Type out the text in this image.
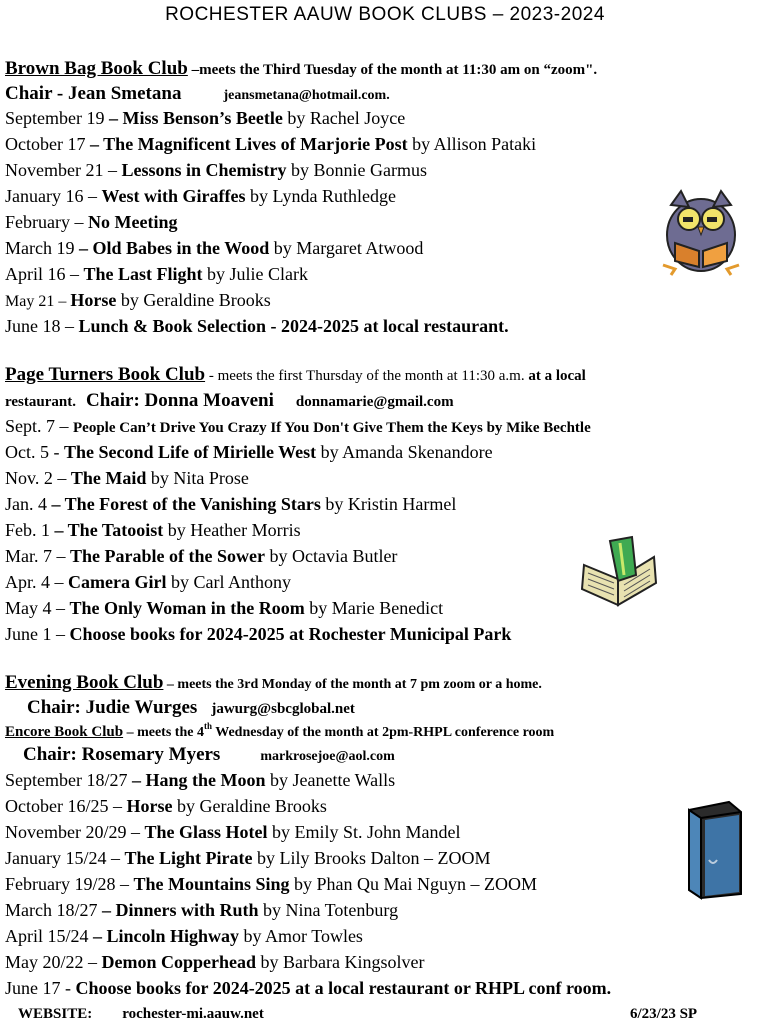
ROCHESTER AAUW BOOK CLUBS – 2023-2024
Brown Bag Book Club –meets the Third Tuesday of the month at 11:30 am on “zoom".
Chair - Jean Smetana	jeansmetana@hotmail.com.
September 19 – Miss Benson’s Beetle by Rachel Joyce
October 17 – The Magnificent Lives of Marjorie Post by Allison Pataki
November 21 – Lessons in Chemistry by Bonnie Garmus
January 16 – West with Giraffes by Lynda Ruthledge
February – No Meeting
March 19 – Old Babes in the Wood by Margaret Atwood
April 16 – The Last Flight by Julie Clark
May 21 – Horse by Geraldine Brooks
June 18 – Lunch & Book Selection - 2024-2025 at local restaurant.
Page Turners Book Club - meets the first Thursday of the month at 11:30 a.m. at a local
restaurant. Chair: Donna Moaveni donnamarie@gmail.com
Sept. 7 – People Can’t Drive You Crazy If You Don't Give Them the Keys by Mike Bechtle
Oct. 5 - The Second Life of Mirielle West by Amanda Skenandore
Nov. 2 – The Maid by Nita Prose
Jan. 4 – The Forest of the Vanishing Stars by Kristin Harmel
Feb. 1 – The Tatooist by Heather Morris
Mar. 7 – The Parable of the Sower by Octavia Butler
Apr. 4 – Camera Girl by Carl Anthony
May 4 – The Only Woman in the Room by Marie Benedict
June 1 – Choose books for 2024-2025 at Rochester Municipal Park
Evening Book Club – meets the 3rd Monday of the month at 7 pm zoom or a home.
Chair: Judie Wurges jawurg@sbcglobal.net
Encore Book Club – meets the 4th Wednesday of the month at 2pm-RHPL conference room
Chair: Rosemary Myers	markrosejoe@aol.com
September 18/27 – Hang the Moon by Jeanette Walls
October 16/25 – Horse by Geraldine Brooks
November 20/29 – The Glass Hotel by Emily St. John Mandel
January 15/24 – The Light Pirate by Lily Brooks Dalton – ZOOM
February 19/28 – The Mountains Sing by Phan Qu Mai Nguyn – ZOOM
March 18/27 – Dinners with Ruth by Nina Totenburg
April 15/24 – Lincoln Highway by Amor Towles
May 20/22 – Demon Copperhead by Barbara Kingsolver
June 17 - Choose books for 2024-2025 at a local restaurant or RHPL conf room.
WEBSITE: rochester-mi.aauw.net	6/23/23 SP
